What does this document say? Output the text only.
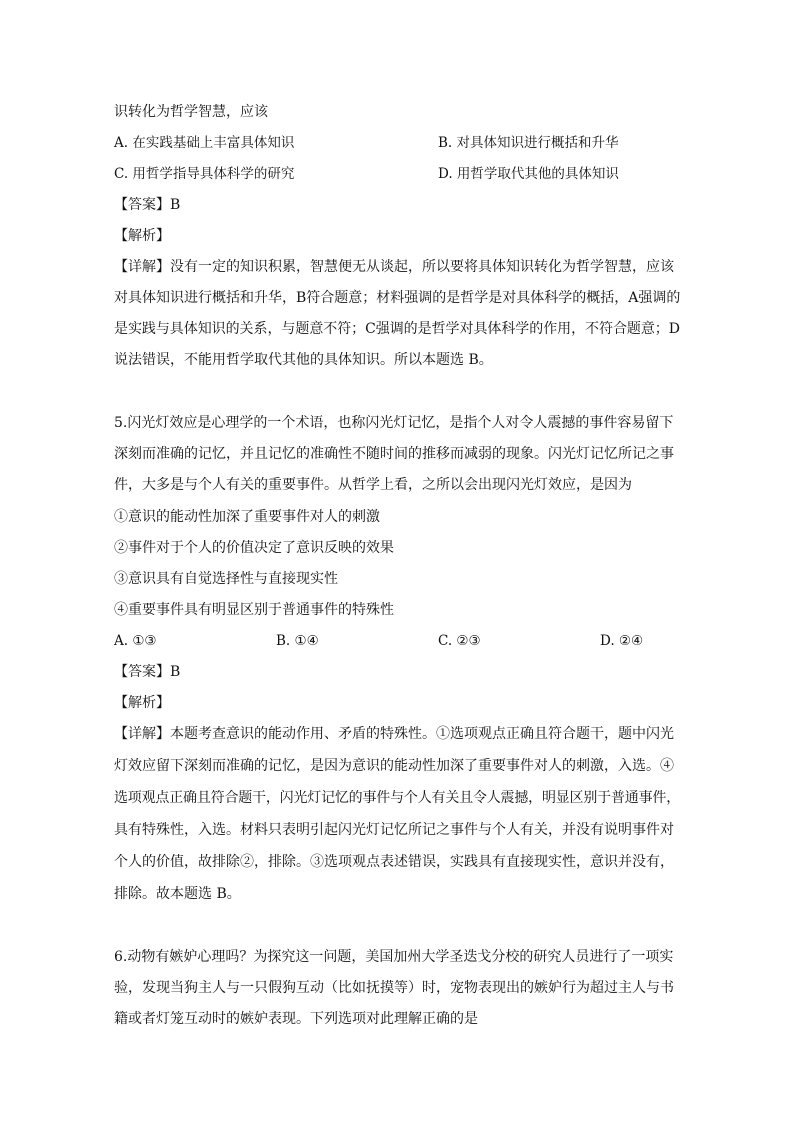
识转化为哲学智慧，应该
A. 在实践基础上丰富具体知识	B. 对具体知识进行概括和升华
C. 用哲学指导具体科学的研究	D. 用哲学取代其他的具体知识
【答案】B
【解析】
【详解】没有一定的知识积累，智慧便无从谈起，所以要将具体知识转化为哲学智慧，应该
对具体知识进行概括和升华，B符合题意；材料强调的是哲学是对具体科学的概括，A强调的
是实践与具体知识的关系，与题意不符；C强调的是哲学对具体科学的作用，不符合题意；D
说法错误，不能用哲学取代其他的具体知识。所以本题选 B。
5.闪光灯效应是心理学的一个术语，也称闪光灯记忆，是指个人对令人震撼的事件容易留下
深刻而准确的记忆，并且记忆的准确性不随时间的推移而减弱的现象。闪光灯记忆所记之事
件，大多是与个人有关的重要事件。从哲学上看，之所以会出现闪光灯效应，是因为
①意识的能动性加深了重要事件对人的刺激
②事件对于个人的价值决定了意识反映的效果
③意识具有自觉选择性与直接现实性
④重要事件具有明显区别于普通事件的特殊性
A. ①③	B. ①④	C. ②③	D. ②④
【答案】B
【解析】
【详解】本题考查意识的能动作用、矛盾的特殊性。①选项观点正确且符合题干，题中闪光
灯效应留下深刻而准确的记忆，是因为意识的能动性加深了重要事件对人的刺激，入选。④
选项观点正确且符合题干，闪光灯记忆的事件与个人有关且令人震撼，明显区别于普通事件，
具有特殊性，入选。材料只表明引起闪光灯记忆所记之事件与个人有关，并没有说明事件对
个人的价值，故排除②，排除。③选项观点表述错误，实践具有直接现实性，意识并没有，
排除。故本题选 B。
6.动物有嫉妒心理吗？为探究这一问题，美国加州大学圣迭戈分校的研究人员进行了一项实
验，发现当狗主人与一只假狗互动（比如抚摸等）时，宠物表现出的嫉妒行为超过主人与书
籍或者灯笼互动时的嫉妒表现。下列选项对此理解正确的是
